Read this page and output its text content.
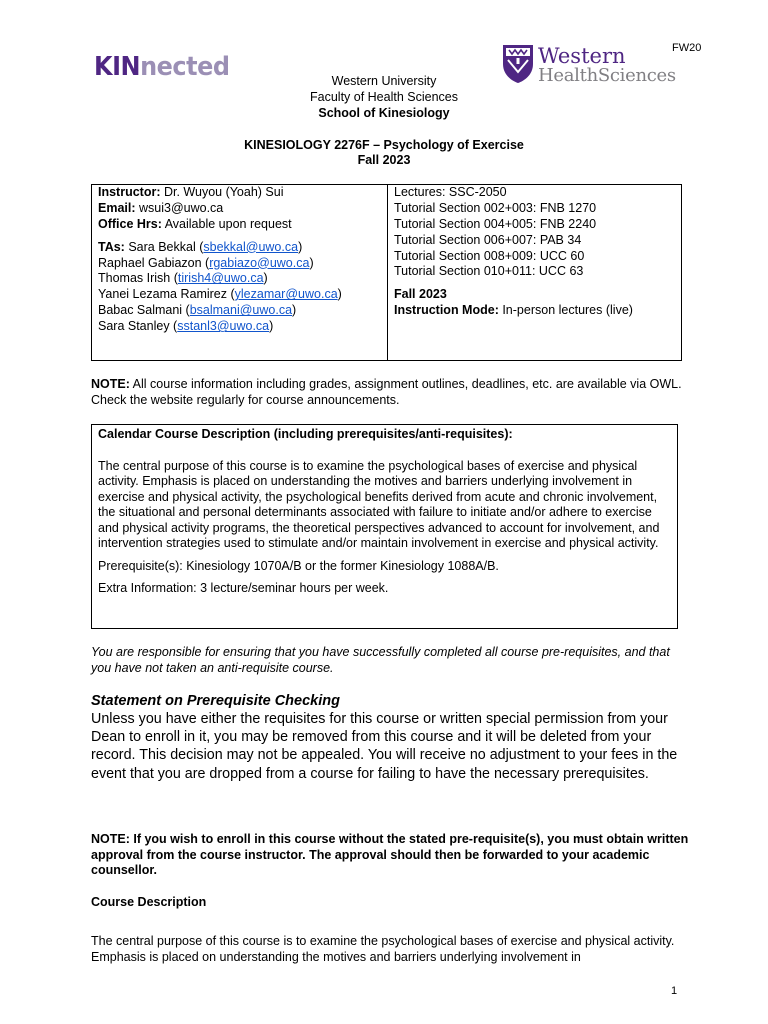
KINnected	Western
HealthSciences
FW20
Western University
Faculty of Health Sciences
School of Kinesiology
KINESIOLOGY 2276F – Psychology of Exercise
Fall 2023
Instructor: Dr. Wuyou (Yoah) Sui
Email: wsui3@uwo.ca
Office Hrs: Available upon request
TAs: Sara Bekkal (sbekkal@uwo.ca)
Raphael Gabiazon (rgabiazo@uwo.ca)
Thomas Irish (tirish4@uwo.ca)
Yanei Lezama Ramirez (ylezamar@uwo.ca)
Babac Salmani (bsalmani@uwo.ca)
Sara Stanley (sstanl3@uwo.ca)
Lectures: SSC-2050
Tutorial Section 002+003: FNB 1270
Tutorial Section 004+005: FNB 2240
Tutorial Section 006+007: PAB 34
Tutorial Section 008+009: UCC 60
Tutorial Section 010+011: UCC 63
Fall 2023
Instruction Mode: In-person lectures (live)
NOTE: All course information including grades, assignment outlines, deadlines, etc. are available via OWL. Check the website regularly for course announcements.

Calendar Course Description (including prerequisites/anti-requisites):

The central purpose of this course is to examine the psychological bases of exercise and physical activity. Emphasis is placed on understanding the motives and barriers underlying involvement in exercise and physical activity, the psychological benefits derived from acute and chronic involvement, the situational and personal determinants associated with failure to initiate and/or adhere to exercise and physical activity programs, the theoretical perspectives advanced to account for involvement, and intervention strategies used to stimulate and/or maintain involvement in exercise and physical activity.

Prerequisite(s): Kinesiology 1070A/B or the former Kinesiology 1088A/B.

Extra Information: 3 lecture/seminar hours per week.

You are responsible for ensuring that you have successfully completed all course pre-requisites, and that you have not taken an anti-requisite course.
Statement on Prerequisite Checking
Unless you have either the requisites for this course or written special permission from your Dean to enroll in it, you may be removed from this course and it will be deleted from your record. This decision may not be appealed. You will receive no adjustment to your fees in the event that you are dropped from a course for failing to have the necessary prerequisites.
NOTE: If you wish to enroll in this course without the stated pre-requisite(s), you must obtain written approval from the course instructor. The approval should then be forwarded to your academic counsellor.
Course Description
The central purpose of this course is to examine the psychological bases of exercise and physical activity. Emphasis is placed on understanding the motives and barriers underlying involvement in
1
